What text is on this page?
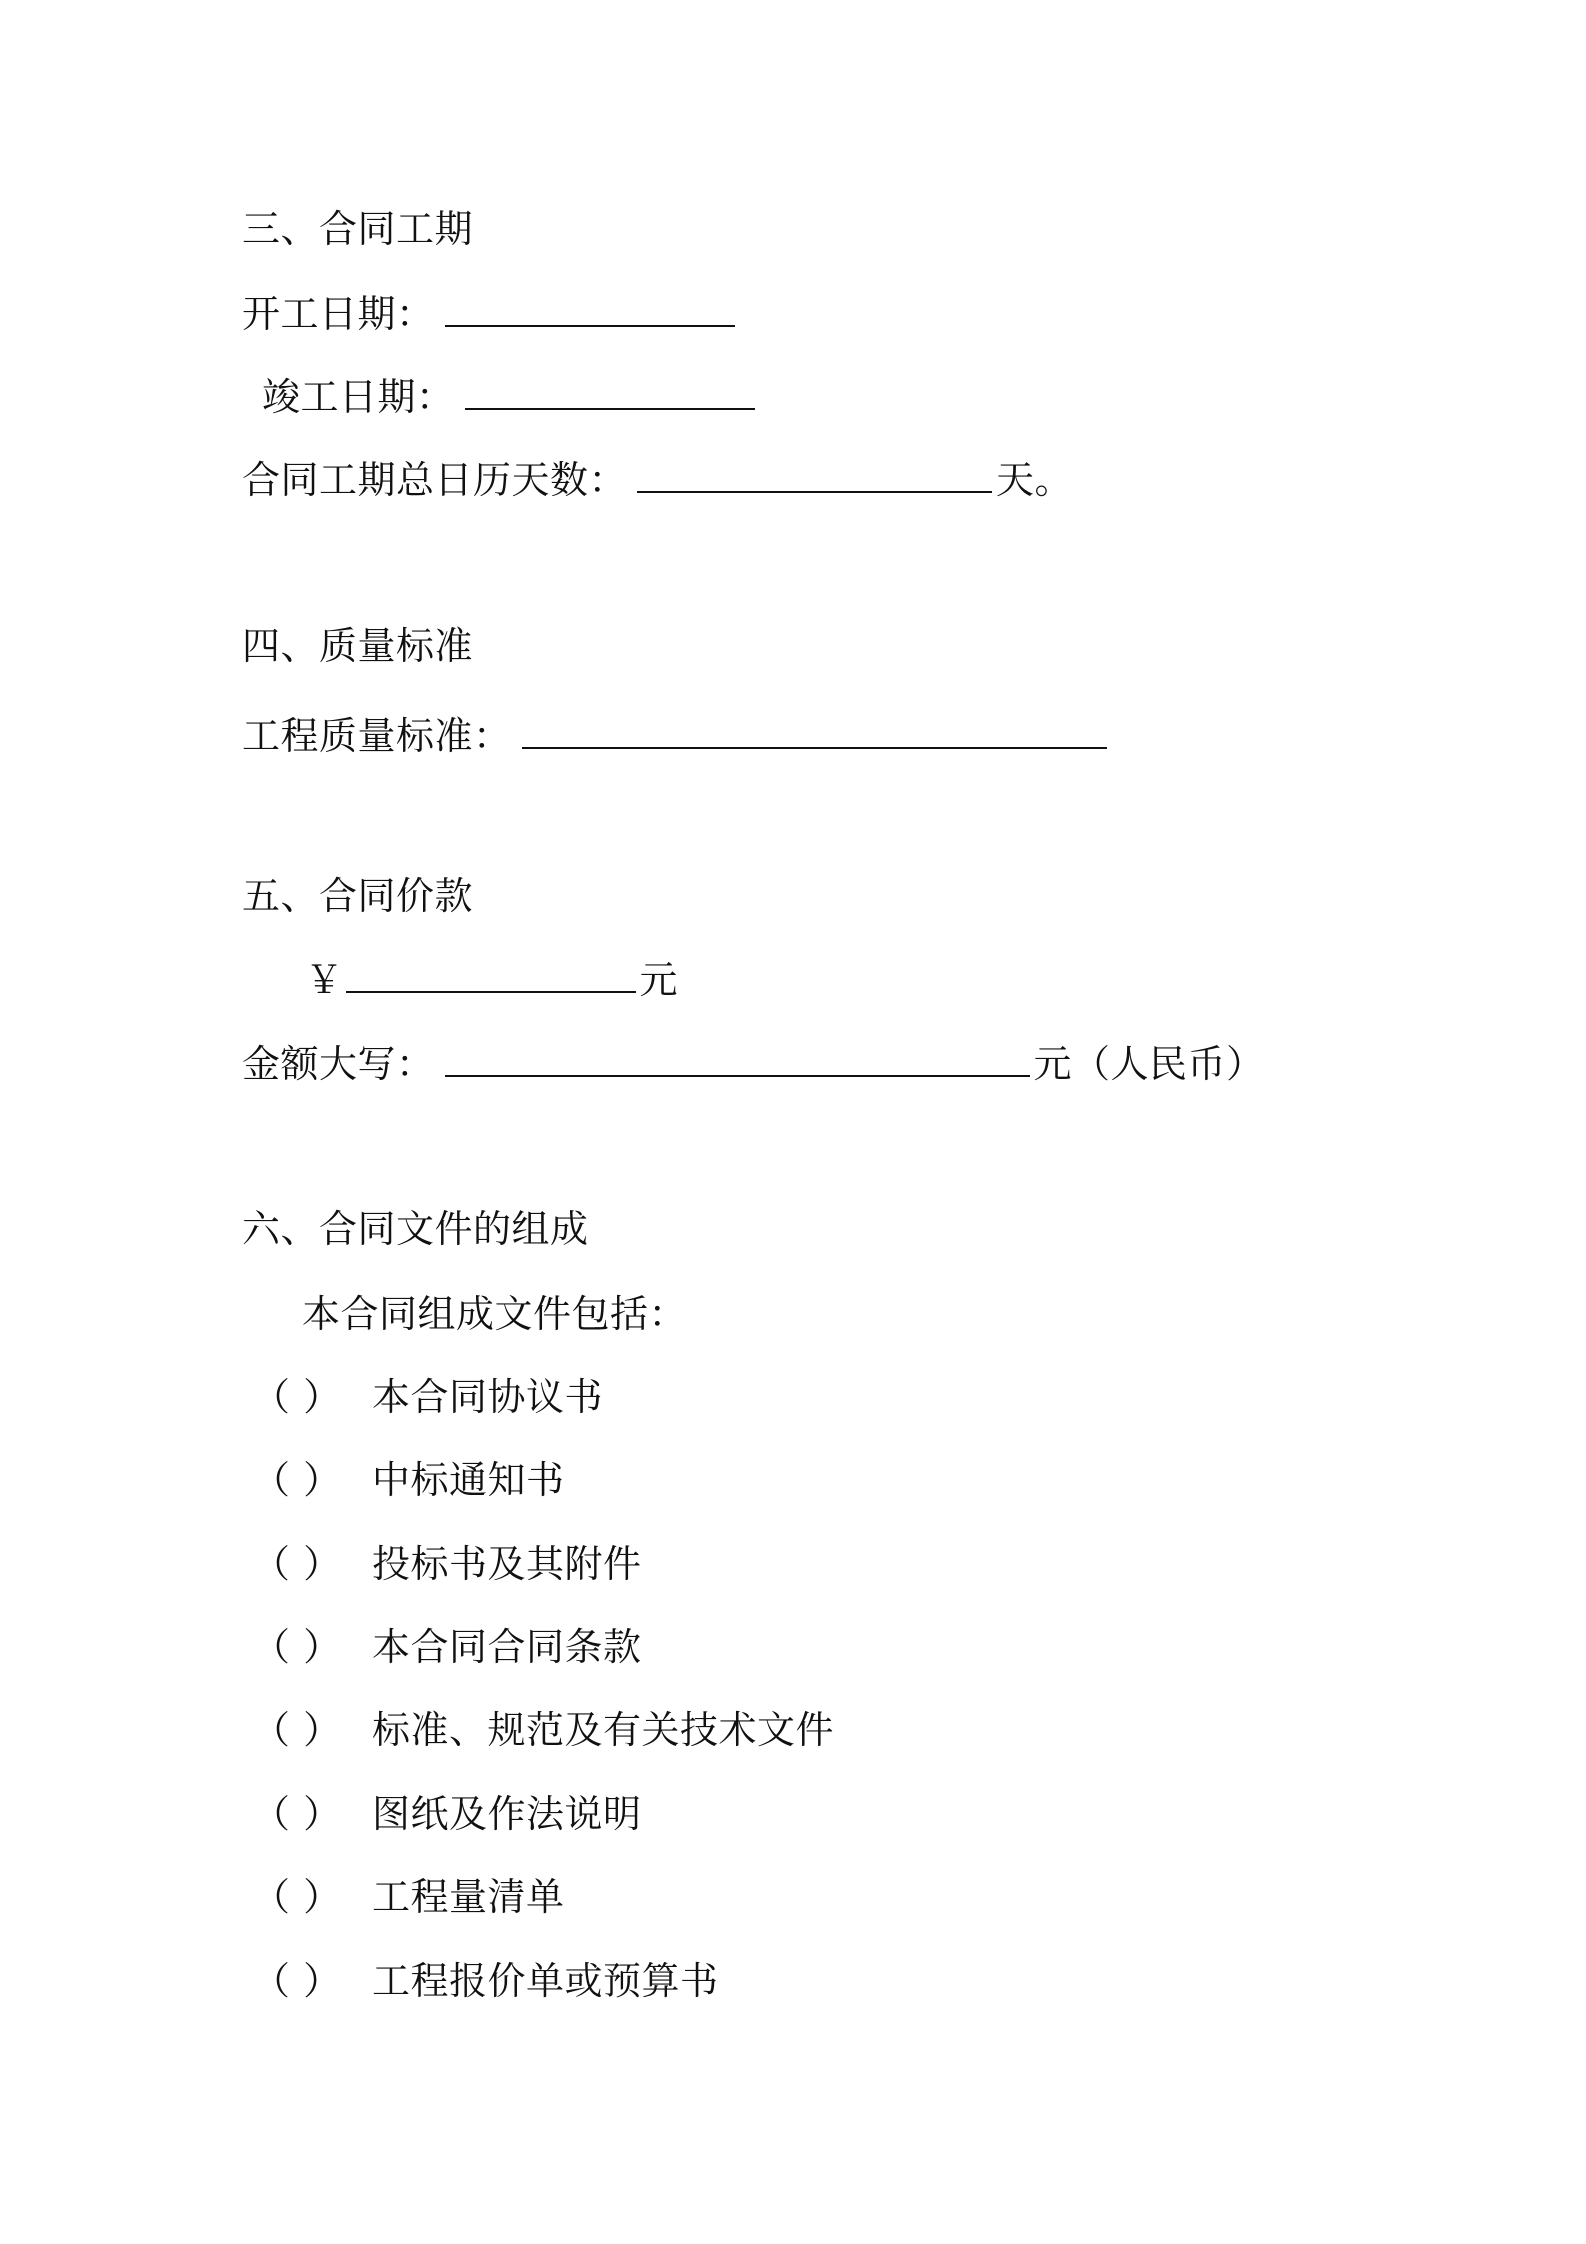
三、合同工期
开工日期：
竣工日期：
合同工期总日历天数：	天。
四、质量标准
工程质量标准：
五、合同价款
￥	元
金额大写：	元（人民币）
六、合同文件的组成
本合同组成文件包括：
（ ） 本合同协议书
（ ） 中标通知书
（ ） 投标书及其附件
（ ） 本合同合同条款
（ ） 标准、规范及有关技术文件
（ ） 图纸及作法说明
（ ） 工程量清单
（ ） 工程报价单或预算书
